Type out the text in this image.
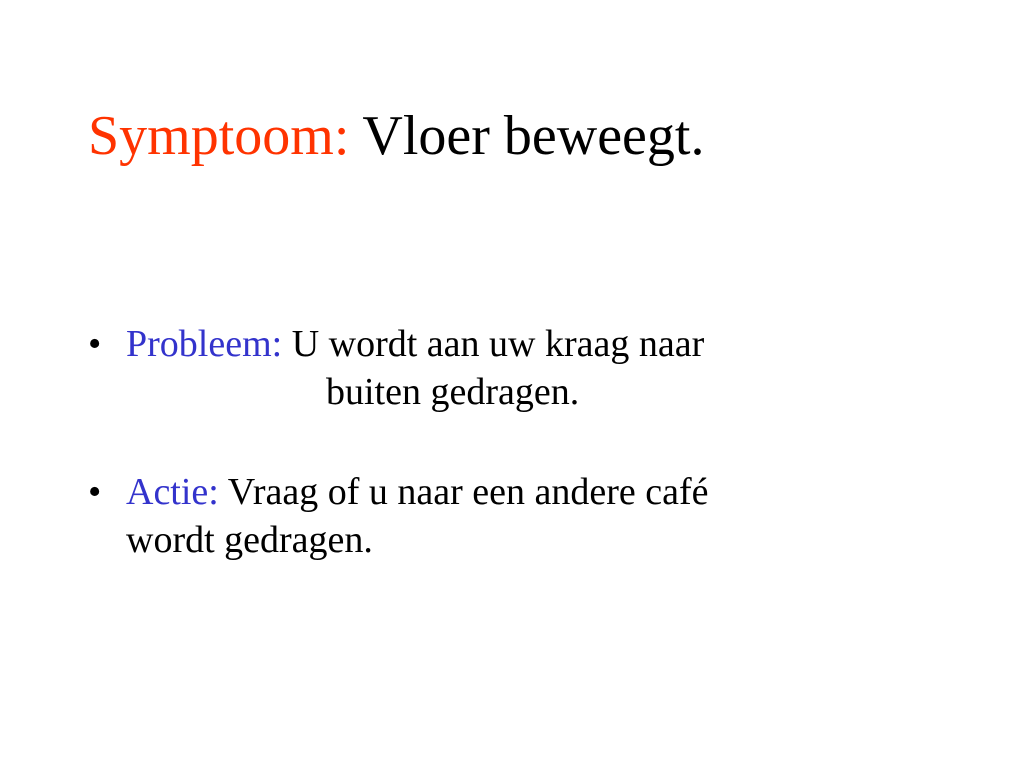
Symptoom: Vloer beweegt.
• Probleem: U wordt aan uw kraag naar
buiten gedragen.
• Actie: Vraag of u naar een andere café
wordt gedragen.
